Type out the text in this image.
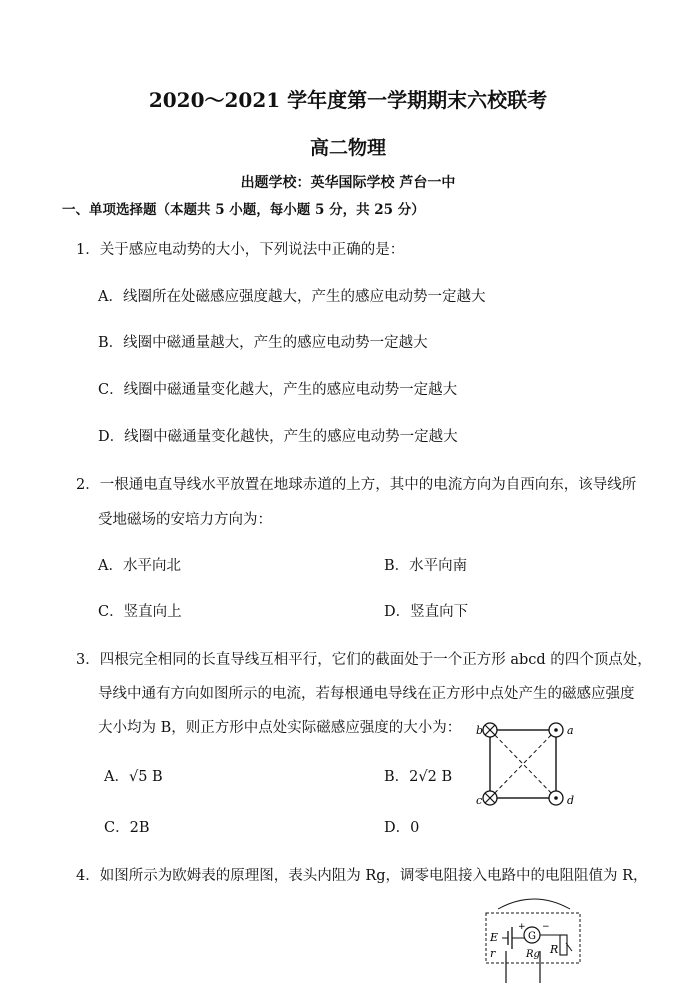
2020～2021 学年度第一学期期末六校联考
高二物理
出题学校：英华国际学校 芦台一中
一、单项选择题（本题共 5 小题，每小题 5 分，共 25 分）
1．关于感应电动势的大小，下列说法中正确的是：
A．线圈所在处磁感应强度越大，产生的感应电动势一定越大
B．线圈中磁通量越大，产生的感应电动势一定越大
C．线圈中磁通量变化越大，产生的感应电动势一定越大
D．线圈中磁通量变化越快，产生的感应电动势一定越大
2．一根通电直导线水平放置在地球赤道的上方，其中的电流方向为自西向东，该导线所
受地磁场的安培力方向为：
A．水平向北	B．水平向南
C．竖直向上	D．竖直向下
3．四根完全相同的长直导线互相平行，它们的截面处于一个正方形 abcd 的四个顶点处，
导线中通有方向如图所示的电流，若每根通电导线在正方形中点处产生的磁感应强度
大小均为 B，则正方形中点处实际磁感应强度的大小为：
A．√5 B	B．2√2 B
C．2B	D．0
b	a
c	d
4．如图所示为欧姆表的原理图，表头内阻为 Rg，调零电阻接入电路中的电阻阻值为 R，
G
+ −
E
r	Rg R
